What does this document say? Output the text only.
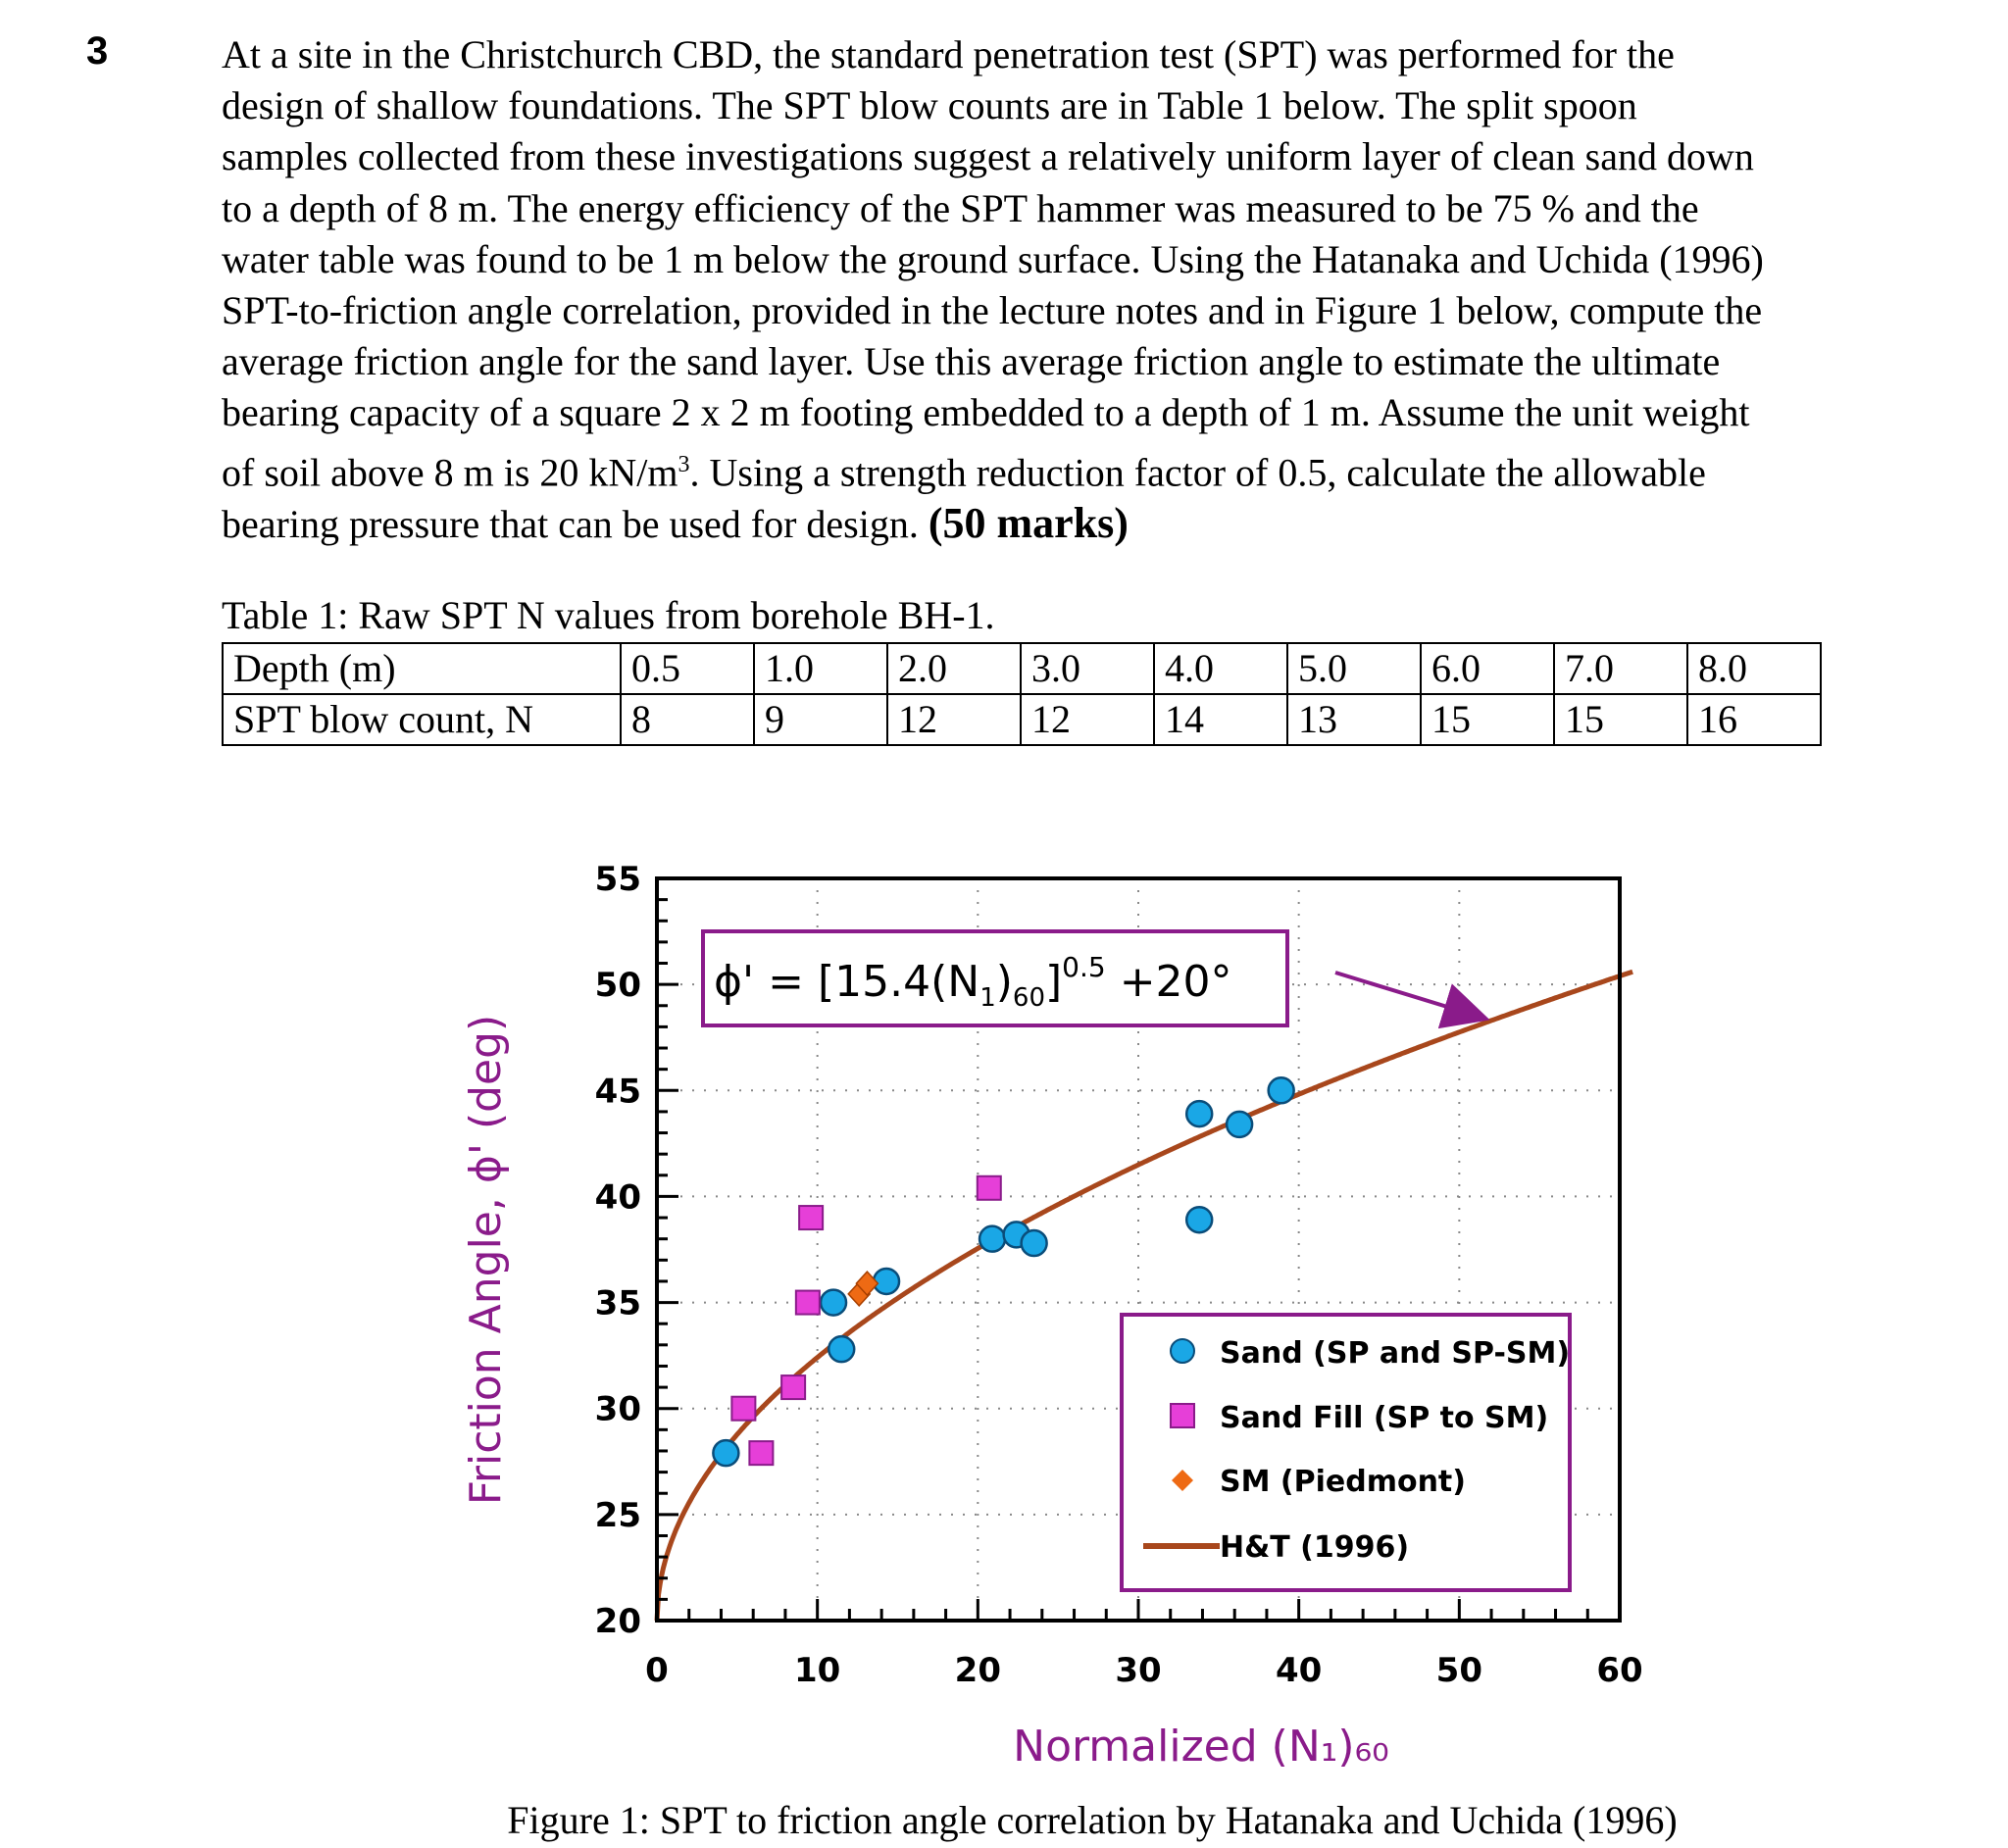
3	At a site in the Christchurch CBD, the standard penetration test (SPT) was performed for the
design of shallow foundations. The SPT blow counts are in Table 1 below. The split spoon
samples collected from these investigations suggest a relatively uniform layer of clean sand down
to a depth of 8 m. The energy efficiency of the SPT hammer was measured to be 75 % and the
water table was found to be 1 m below the ground surface. Using the Hatanaka and Uchida (1996)
SPT-to-friction angle correlation, provided in the lecture notes and in Figure 1 below, compute the
average friction angle for the sand layer. Use this average friction angle to estimate the ultimate
bearing capacity of a square 2 x 2 m footing embedded to a depth of 1 m. Assume the unit weight
of soil above 8 m is 20 $kN/m^3$. Using a strength reduction factor of 0.5, calculate the allowable
bearing pressure that can be used for design. (50 marks)
Table 1: Raw SPT N values from borehole BH-1.
Depth (m)	0.5	1.0	2.0	3.0	4.0	5.0	6.0	7.0	8.0
SPT blow count, N	8	9	12	12	14	13	15	15	16
0	10	20	30	40	50	60
20
25
30
35
40
45
50
55
Friction Angle, ϕ' (deg)
Normalized (N₁)₆₀
$\phi' = [15.4(N_1)_{60}]^{0.5} +20^\circ$
Sand (SP and SP-SM)
Sand Fill (SP to SM)
SM (Piedmont)
H&T (1996)
Figure 1: SPT to friction angle correlation by Hatanaka and Uchida (1996)
